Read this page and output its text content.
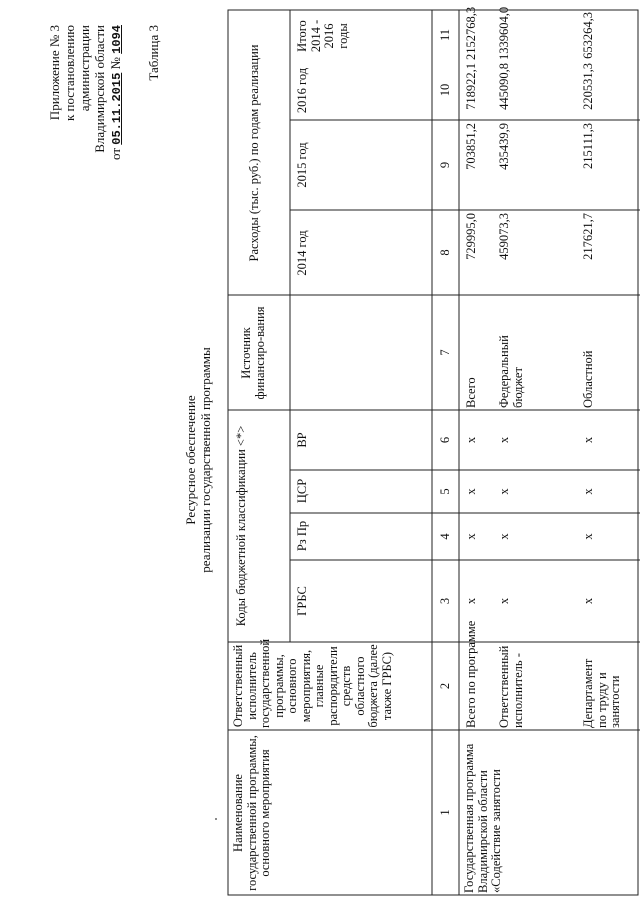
Приложение № 3 к постановлению администрации Владимирской области
от 05.11.2015 № 1094 Таблица 3
Ресурсное обеспечение реализации государственной программы
Наименование государственной программы, основного мероприятия
Ответственный исполнитель государственной программы, основного мероприятия, главные распорядители средств областного бюджета (далее также ГРБС)
Коды бюджетной классификации <*>	ГРБС
Рз Пр
ЦСР
ВР
Источник финансиро-вания
Расходы (тыс. руб.) по годам реализации	2014 год
2015 год
2016 год
Итого 2014 - 2016 годы
1
2
3
4
5
6
7
8
9
10
11
Государственная программа Владимирской области «Содействие занятости
Всего по программе
х
х
х
х
Всего
729995,0
703851,2
718922,1
2152768,3
Ответственный исполнитель -
х
х
х
х
Федеральный бюджет
459073,3
435439,9
445090,8
1339604,0
Департамент по труду и занятости
х
х
х
х
Областной
217621,7
215111,3
220531,3
653264,3
